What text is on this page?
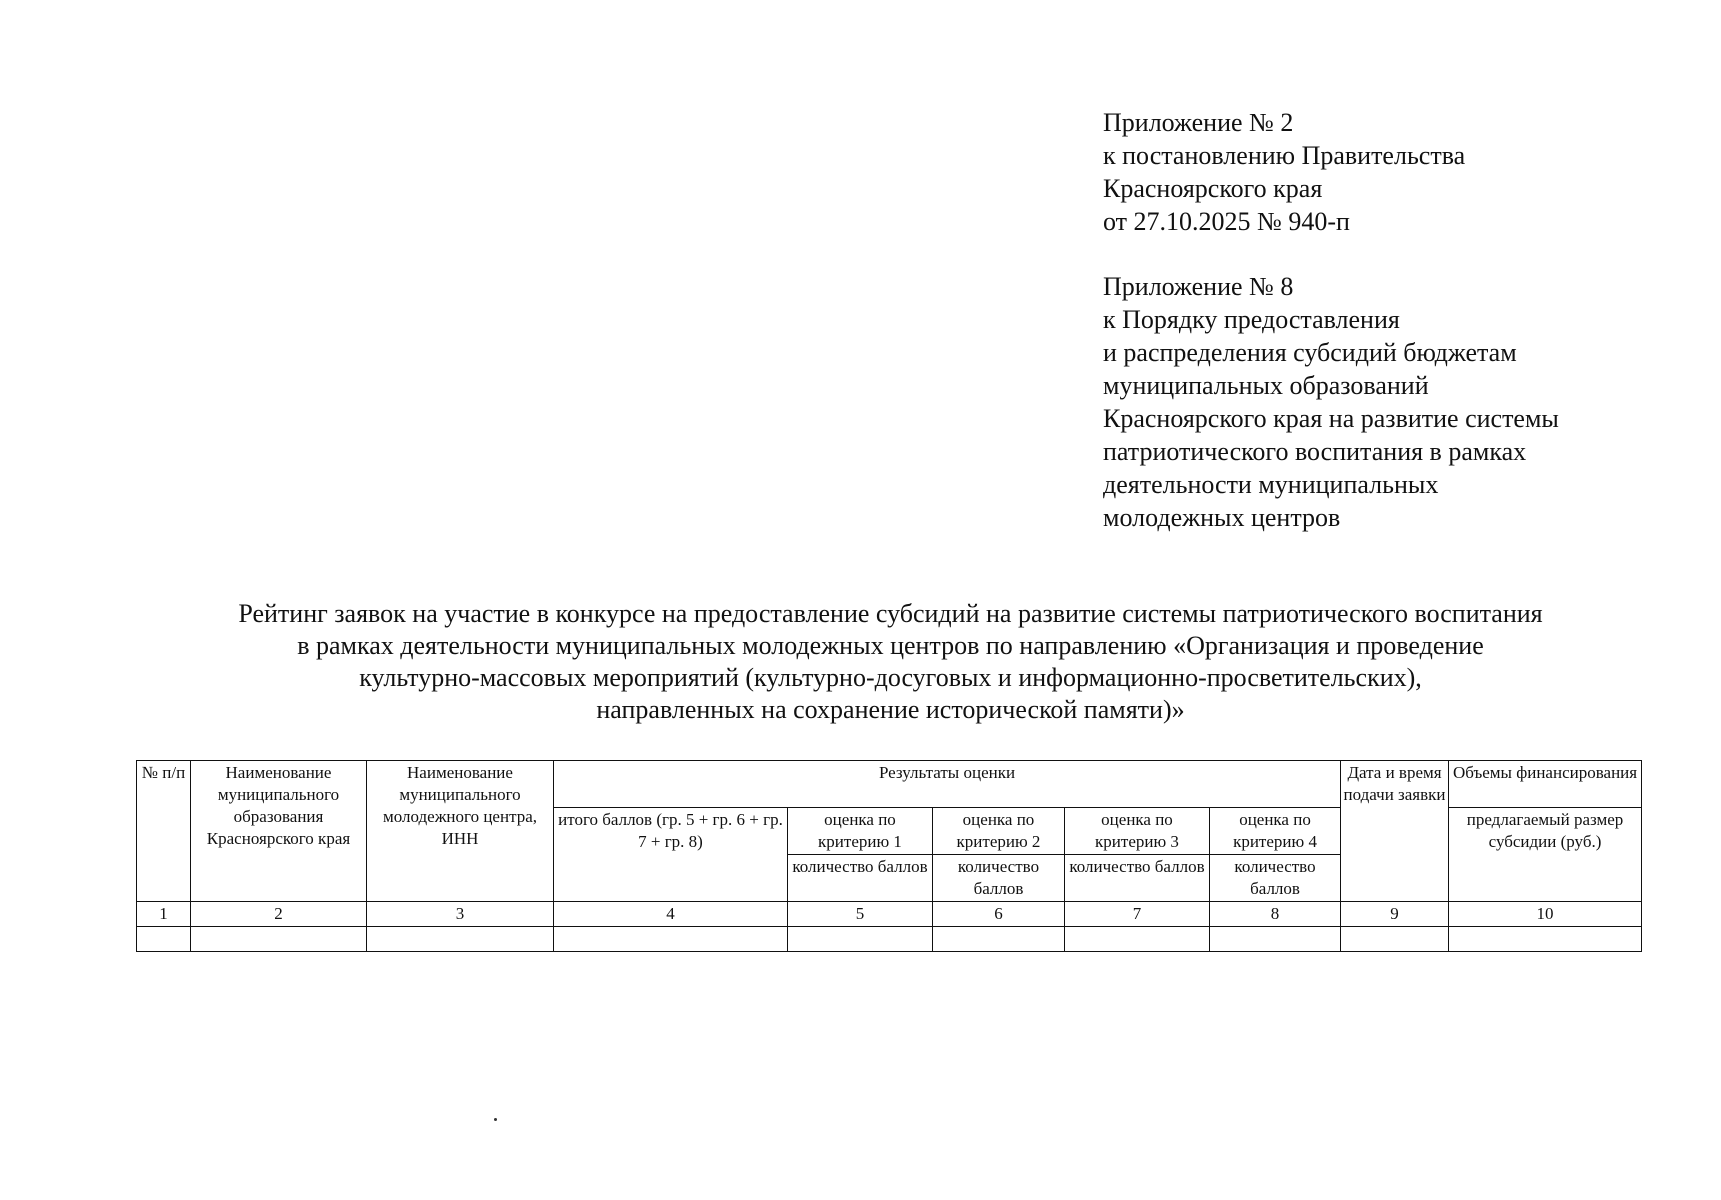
Приложение № 2
к постановлению Правительства
Красноярского края
от 27.10.2025 № 940-п
Приложение № 8
к Порядку предоставления
и распределения субсидий бюджетам
муниципальных образований
Красноярского края на развитие системы
патриотического воспитания в рамках
деятельности муниципальных
молодежных центров
Рейтинг заявок на участие в конкурсе на предоставление субсидий на развитие системы патриотического воспитания
в рамках деятельности муниципальных молодежных центров по направлению «Организация и проведение
культурно-массовых мероприятий (культурно-досуговых и информационно-просветительских),
направленных на сохранение исторической памяти)»
№ п/п	Наименование муниципального образования Красноярского края	Наименование муниципального молодежного центра, ИНН	Результаты оценки					Дата и время подачи заявки	Объемы финансирования
			итого баллов (гр. 5 + гр. 6 + гр. 7 + гр. 8)	оценка по критерию 1	оценка по критерию 2	оценка по критерию 3	оценка по критерию 4		предлагаемый размер субсидии (руб.)
				количество баллов	количество баллов	количество баллов	количество баллов		
1	2	3	4	5	6	7	8	9	10
